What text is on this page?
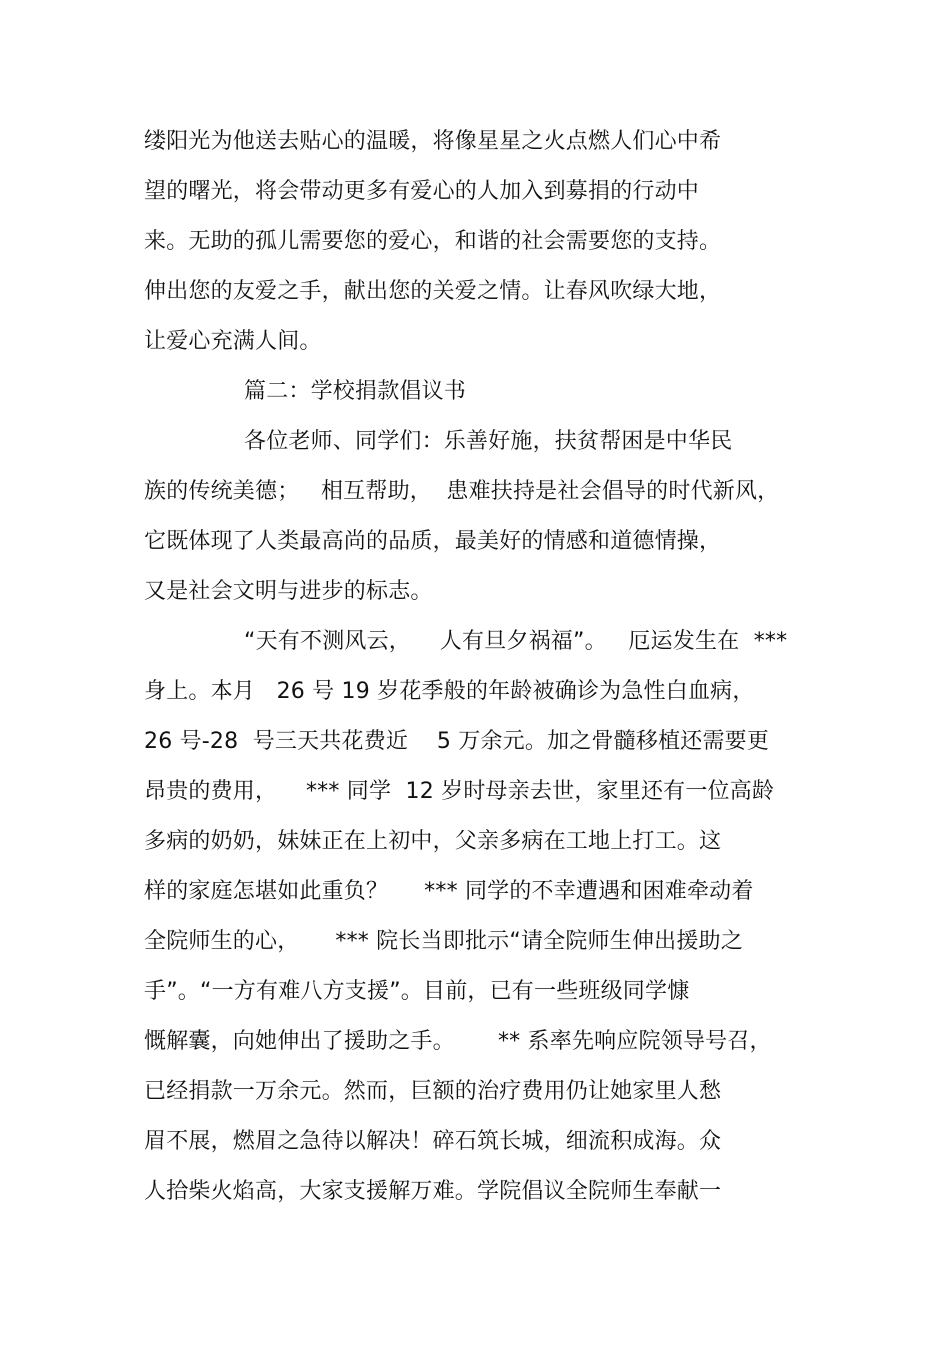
缕阳光为他送去贴心的温暖，将像星星之火点燃人们心中希
望的曙光，将会带动更多有爱心的人加入到募捐的行动中
来。无助的孤儿需要您的爱心，和谐的社会需要您的支持。
伸出您的友爱之手，献出您的关爱之情。让春风吹绿大地，
让爱心充满人间。
篇二：学校捐款倡议书
各位老师、同学们：乐善好施，扶贫帮困是中华民
族的传统美德；   相互帮助，  患难扶持是社会倡导的时代新风，
它既体现了人类最高尚的品质，最美好的情感和道德情操，
又是社会文明与进步的标志。
“天有不测风云，    人有旦夕祸福”。   厄运发生在  ***
身上。本月   26 号 19 岁花季般的年龄被确诊为急性白血病，
26 号-28  号三天共花费近    5 万余元。加之骨髓移植还需要更
昂贵的费用，    *** 同学  12 岁时母亲去世，家里还有一位高龄
多病的奶奶，妹妹正在上初中，父亲多病在工地上打工。这
样的家庭怎堪如此重负？     *** 同学的不幸遭遇和困难牵动着
全院师生的心，     *** 院长当即批示“请全院师生伸出援助之
手”。“一方有难八方支援”。目前，已有一些班级同学慷
慨解囊，向她伸出了援助之手。      ** 系率先响应院领导号召，
已经捐款一万余元。然而，巨额的治疗费用仍让她家里人愁
眉不展，燃眉之急待以解决！碎石筑长城，细流积成海。众
人拾柴火焰高，大家支援解万难。学院倡议全院师生奉献一
